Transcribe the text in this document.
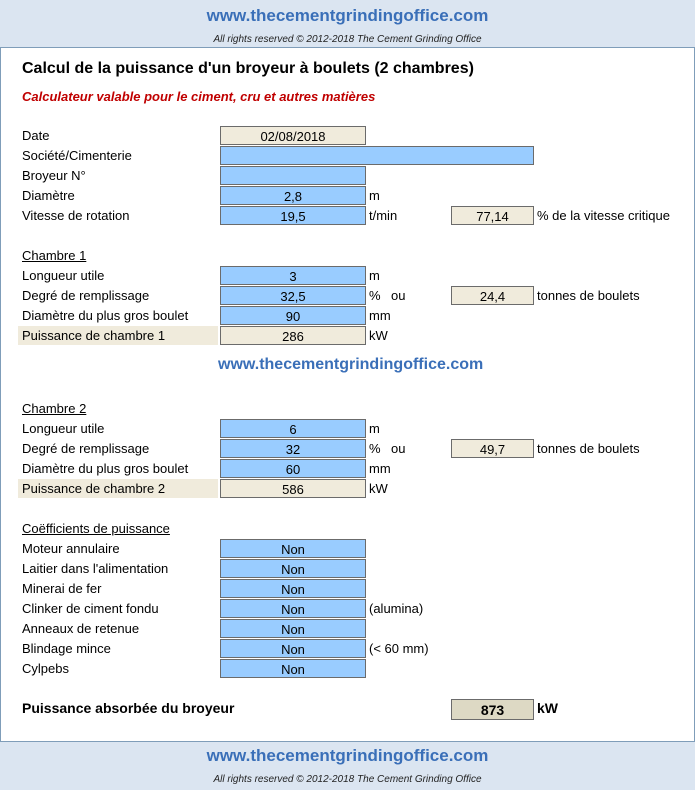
www.thecementgrindingoffice.com
All rights reserved © 2012-2018 The Cement Grinding Office
Calcul de la puissance d'un broyeur à boulets (2 chambres)
Calculateur valable pour le ciment, cru et autres matières
Date	02/08/2018
Société/Cimenterie
Broyeur N°
Diamètre	2,8	m
Vitesse de rotation	19,5	t/min	77,14	% de la vitesse critique
Chambre 1
Longueur utile	3	m
Degré de remplissage	32,5	% ou	24,4	tonnes de boulets
Diamètre du plus gros boulet	90	mm
Puissance de chambre 1	286	kW
www.thecementgrindingoffice.com
Chambre 2
Longueur utile	6	m
Degré de remplissage	32	% ou	49,7	tonnes de boulets
Diamètre du plus gros boulet	60	mm
Puissance de chambre 2	586	kW
Coëfficients de puissance
Moteur annulaire	Non
Laitier dans l'alimentation	Non
Minerai de fer	Non
Clinker de ciment fondu	Non	(alumina)
Anneaux de retenue	Non
Blindage mince	Non	(< 60 mm)
Cylpebs	Non
Puissance absorbée du broyeur	873	kW
www.thecementgrindingoffice.com
All rights reserved © 2012-2018 The Cement Grinding Office
